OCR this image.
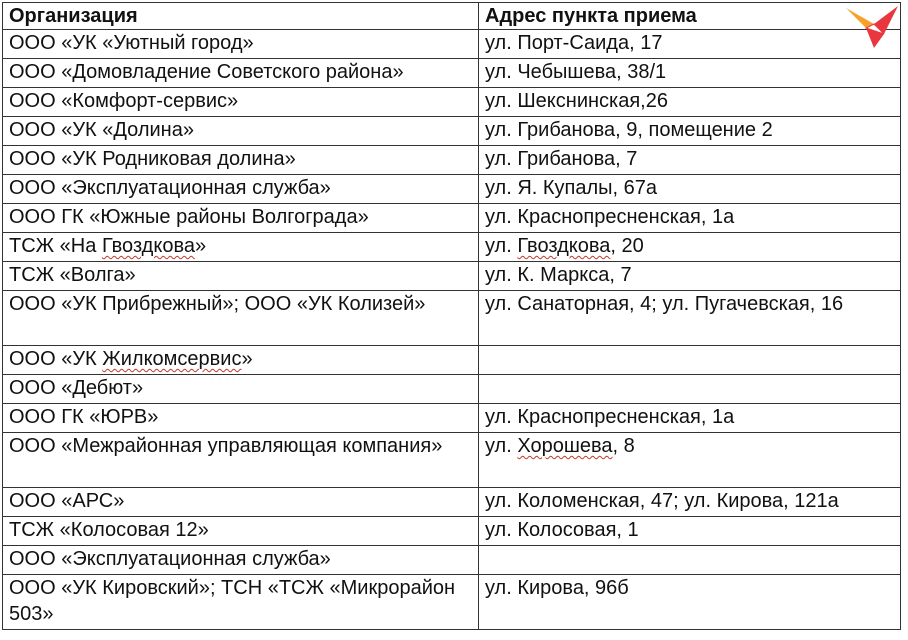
Организация	Адрес пункта приема
ООО «УК «Уютный город»	ул. Порт-Саида, 17
ООО «Домовладение Советского района»	ул. Чебышева, 38/1
ООО «Комфорт-сервис»	ул. Шекснинская,26
ООО «УК «Долина»	ул. Грибанова, 9, помещение 2
ООО «УК Родниковая долина»	ул. Грибанова, 7
ООО «Эксплуатационная служба»	ул. Я. Купалы, 67а
ООО ГК «Южные районы Волгограда»	ул. Краснопресненская, 1а
ТСЖ «На Гвоздкова»	ул. Гвоздкова, 20
ТСЖ «Волга»	ул. К. Маркса, 7
ООО «УК Прибрежный»; ООО «УК Колизей»	ул. Санаторная, 4; ул. Пугачевская, 16
ООО «УК Жилкомсервис»	
ООО «Дебют»	
ООО ГК «ЮРВ»	ул. Краснопресненская, 1а
ООО «Межрайонная управляющая компания»	ул. Хорошева, 8
ООО «АРС»	ул. Коломенская, 47; ул. Кирова, 121а
ТСЖ «Колосовая 12»	ул. Колосовая, 1
ООО «Эксплуатационная служба»	
ООО «УК Кировский»; ТСН «ТСЖ «Микрорайон 503»	ул. Кирова, 96б
